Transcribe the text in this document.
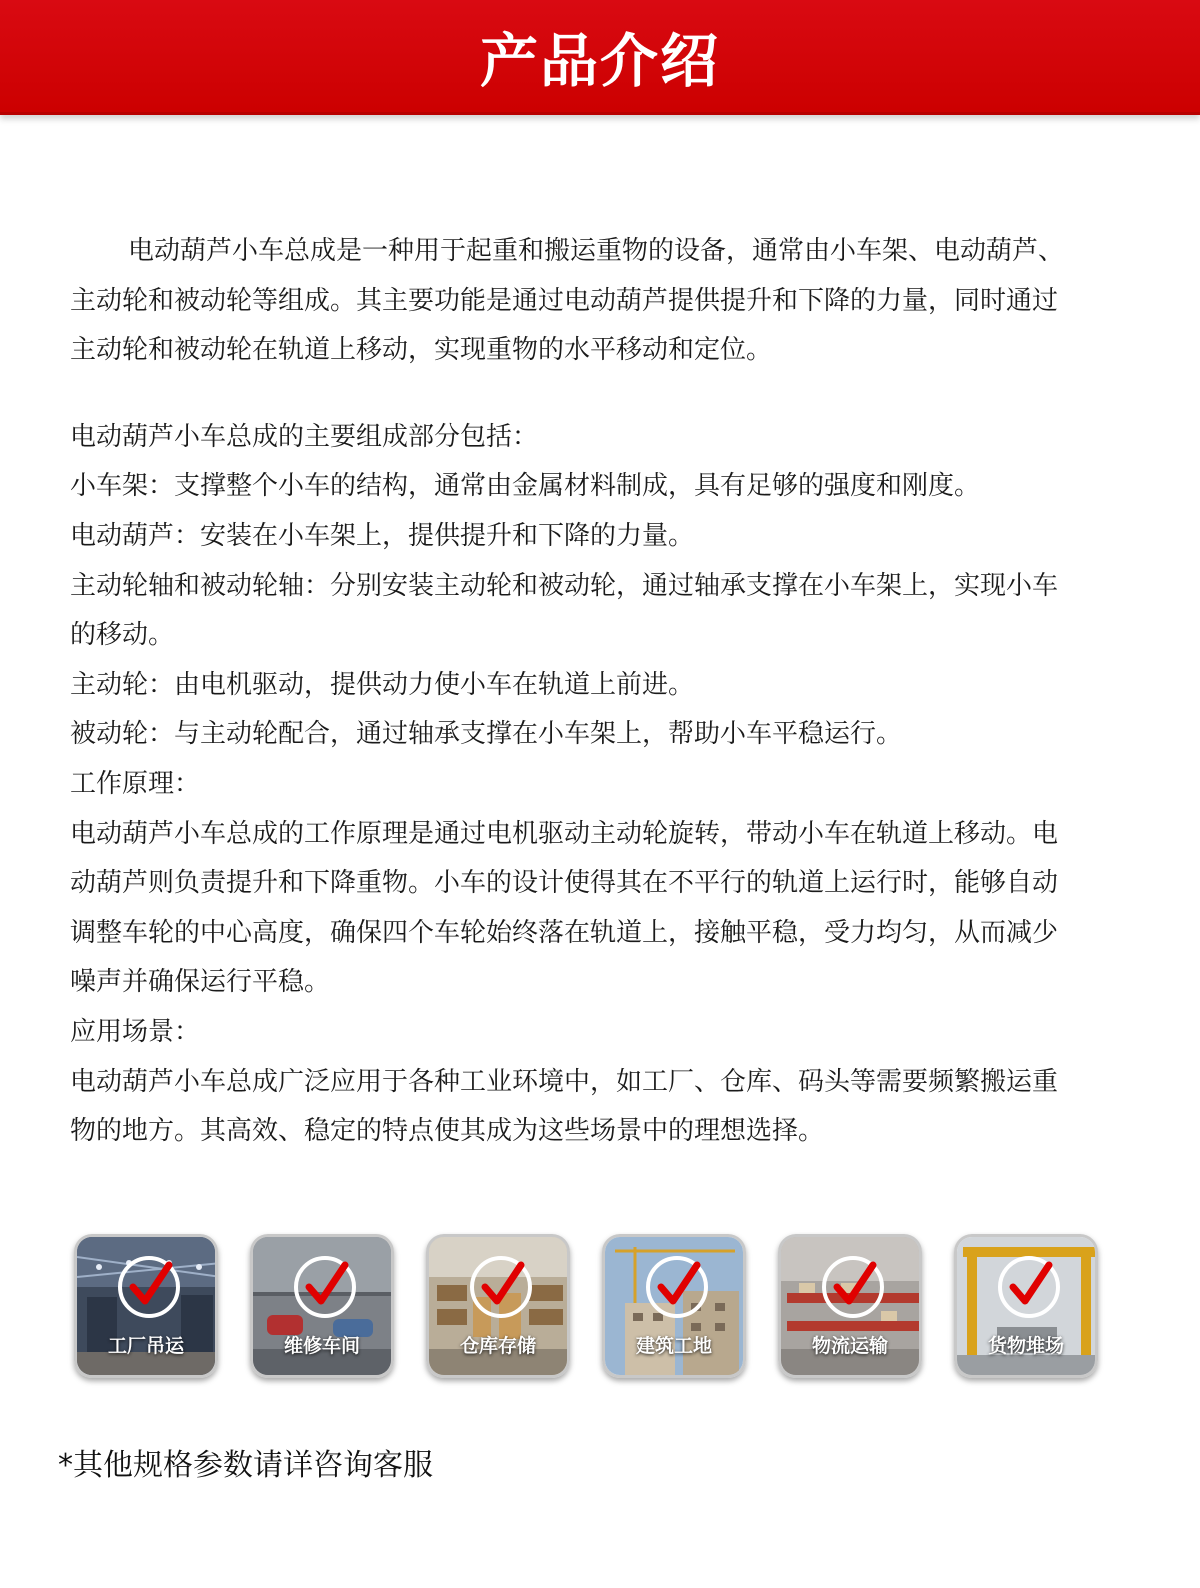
产品介绍

电动葫芦小车总成是一种用于起重和搬运重物的设备，通常由小车架、电动葫芦、主动轮和被动轮等组成。其主要功能是通过电动葫芦提供提升和下降的力量，同时通过主动轮和被动轮在轨道上移动，实现重物的水平移动和定位。

电动葫芦小车总成的主要组成部分包括：

小车架：支撑整个小车的结构，通常由金属材料制成，具有足够的强度和刚度。

电动葫芦：安装在小车架上，提供提升和下降的力量。

主动轮轴和被动轮轴：分别安装主动轮和被动轮，通过轴承支撑在小车架上，实现小车的移动。

主动轮：由电机驱动，提供动力使小车在轨道上前进。

被动轮：与主动轮配合，通过轴承支撑在小车架上，帮助小车平稳运行。

工作原理：

电动葫芦小车总成的工作原理是通过电机驱动主动轮旋转，带动小车在轨道上移动。电动葫芦则负责提升和下降重物。小车的设计使得其在不平行的轨道上运行时，能够自动调整车轮的中心高度，确保四个车轮始终落在轨道上，接触平稳，受力均匀，从而减少噪声并确保运行平稳。

应用场景：

电动葫芦小车总成广泛应用于各种工业环境中，如工厂、仓库、码头等需要频繁搬运重物的地方。其高效、稳定的特点使其成为这些场景中的理想选择。

工厂吊运	维修车间	仓库存储	建筑工地	物流运输	货物堆场
*其他规格参数请详咨询客服
